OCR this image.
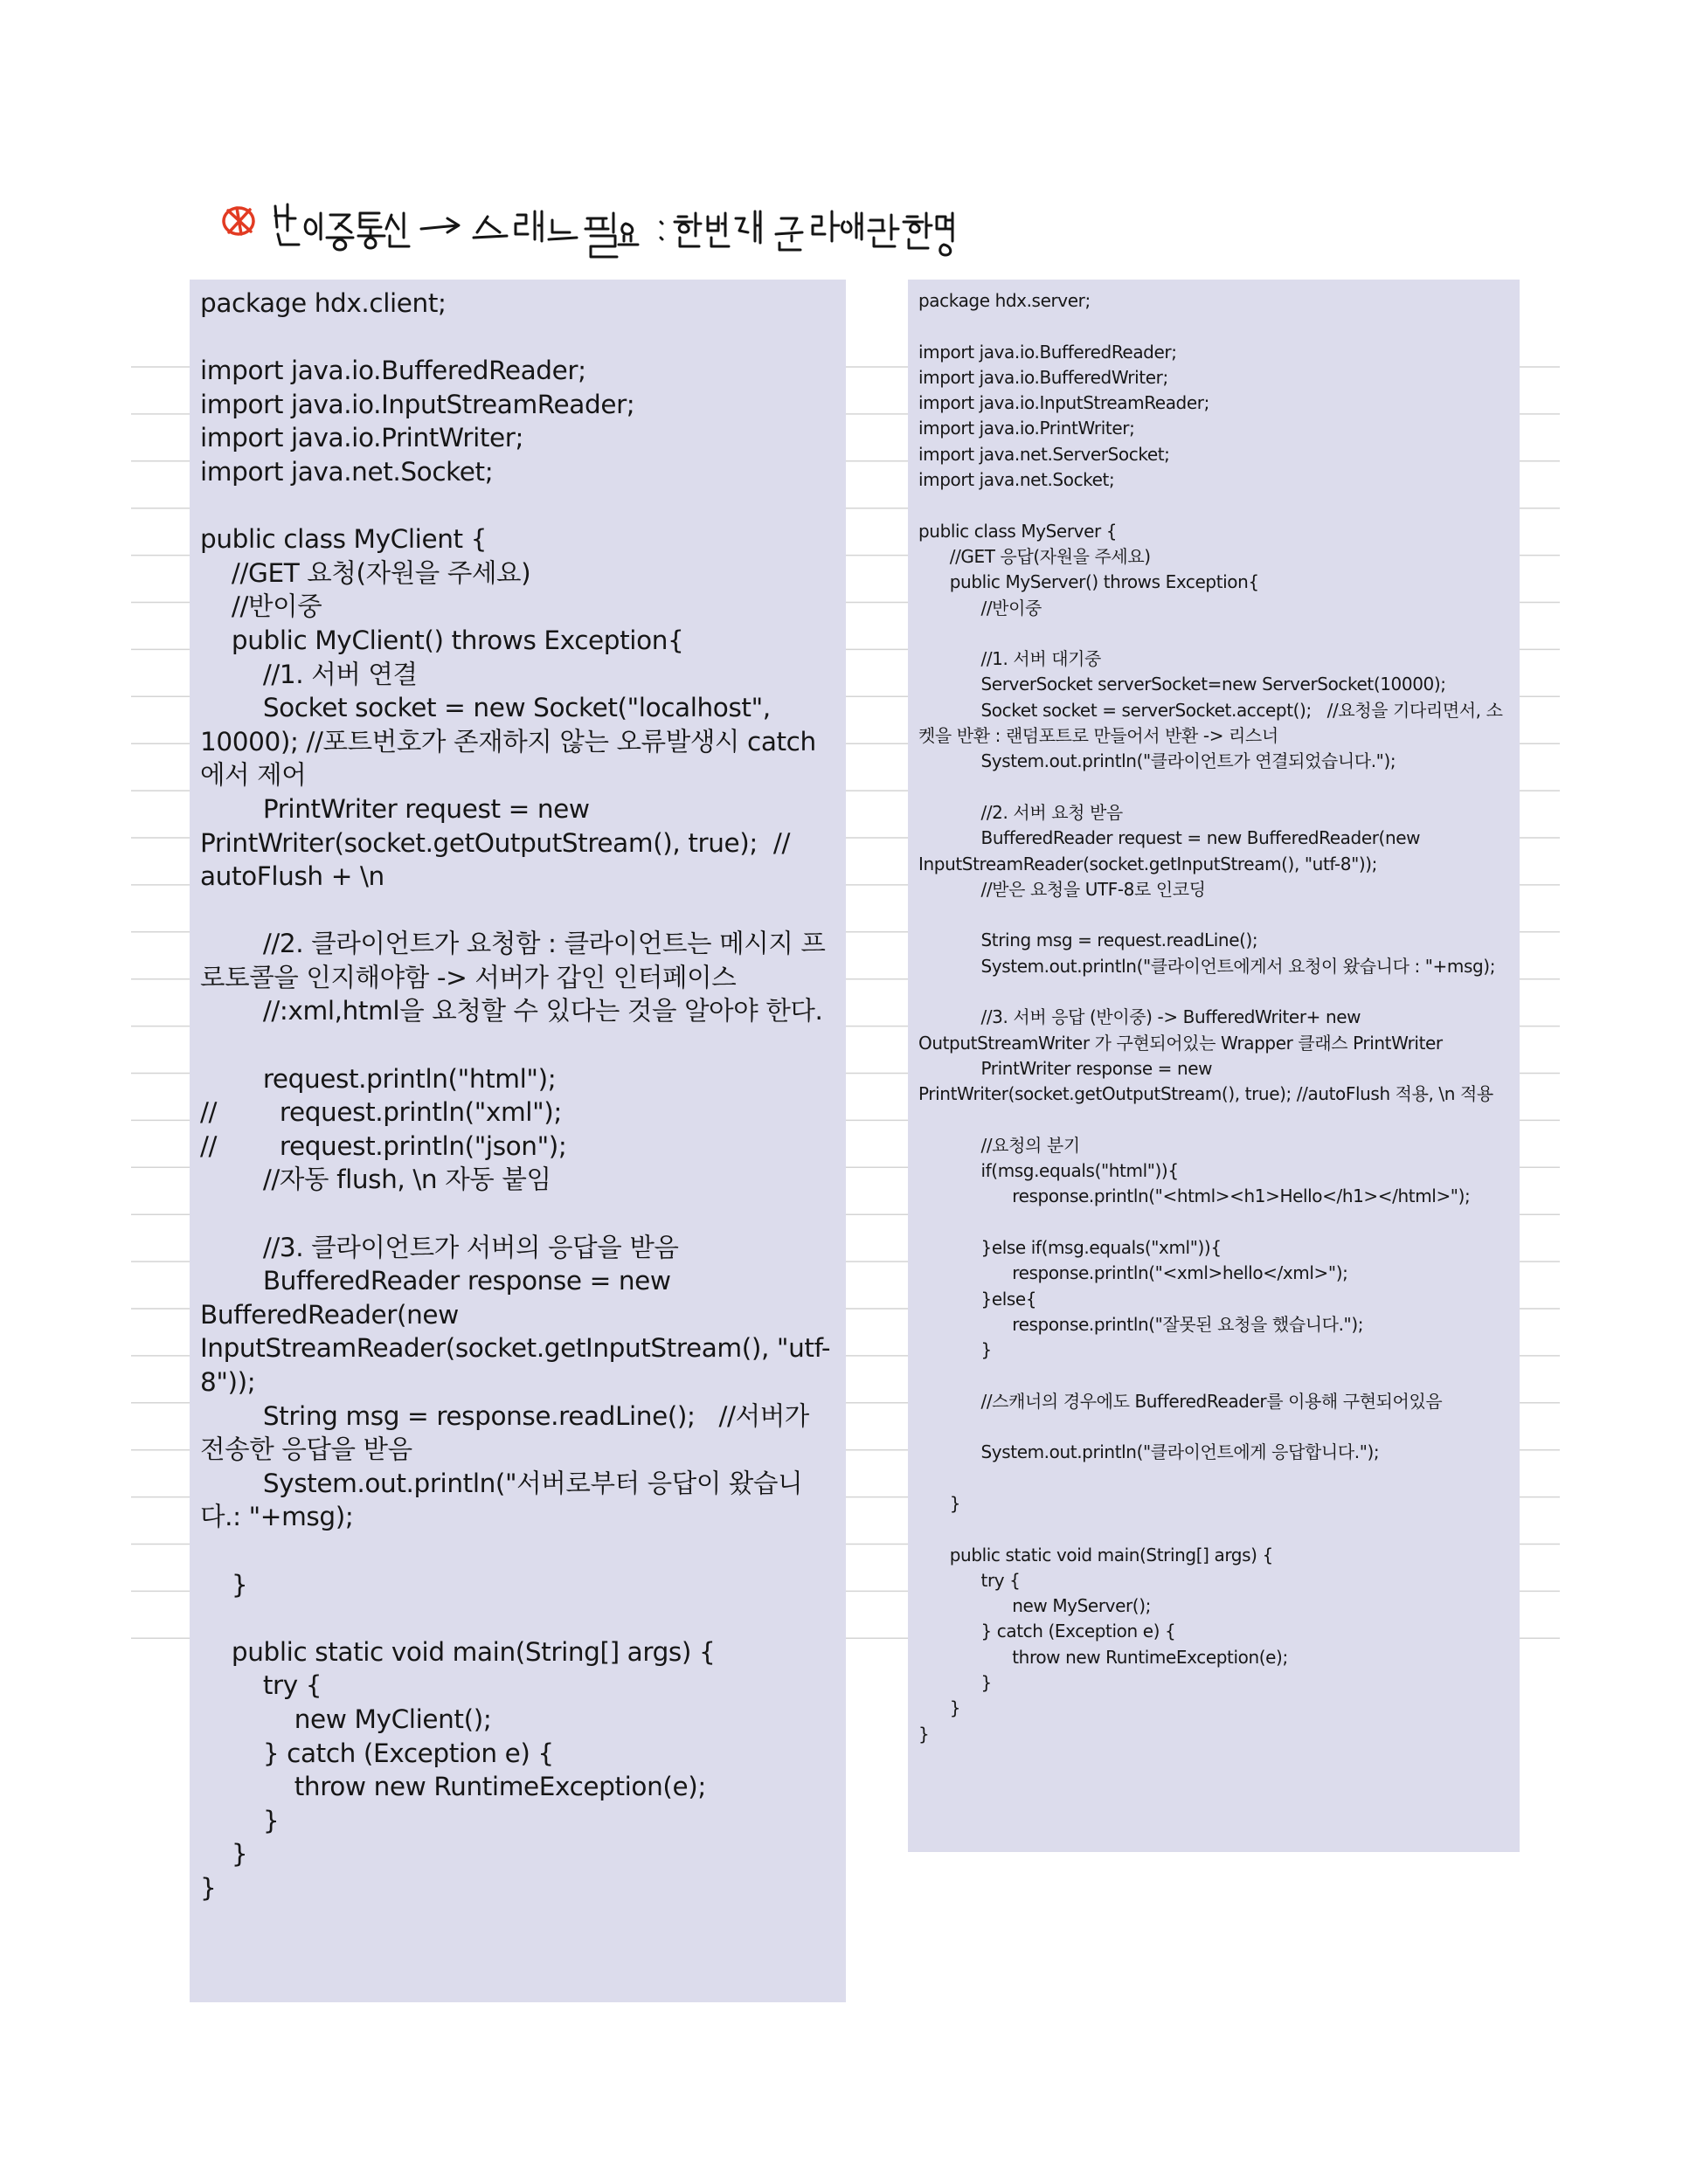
package hdx.client;

import java.io.BufferedReader;
import java.io.InputStreamReader;
import java.io.PrintWriter;
import java.net.Socket;

public class MyClient {
//GET 요청(자원을 주세요)
//반이중
public MyClient() throws Exception{
//1. 서버 연결
Socket socket = new Socket("localhost", 10000); //포트번호가 존재하지 않는 오류발생시 catch에서 제어
PrintWriter request = new PrintWriter(socket.getOutputStream(), true);  // autoFlush + \n

//2. 클라이언트가 요청함 : 클라이언트는 메시지 프로토콜을 인지해야함 -> 서버가 갑인 인터페이스
//:xml,html을 요청할 수 있다는 것을 알아야 한다.

request.println("html");
//        request.println("xml");
//        request.println("json");
//자동 flush, \n 자동 붙임

//3. 클라이언트가 서버의 응답을 받음
BufferedReader response = new BufferedReader(new InputStreamReader(socket.getInputStream(), "utf-8"));
String msg = response.readLine();   //서버가 전송한 응답을 받음
System.out.println("서버로부터 응답이 왔습니다.: "+msg);

}

public static void main(String[] args) {
try {
new MyClient();
} catch (Exception e) {
throw new RuntimeException(e);
}
}
}
package hdx.server;

import java.io.BufferedReader;
import java.io.BufferedWriter;
import java.io.InputStreamReader;
import java.io.PrintWriter;
import java.net.ServerSocket;
import java.net.Socket;

public class MyServer {
//GET 응답(자원을 주세요)
public MyServer() throws Exception{
//반이중

//1. 서버 대기중
ServerSocket serverSocket=new ServerSocket(10000);
Socket socket = serverSocket.accept();   //요청을 기다리면서, 소켓을 반환 : 랜덤포트로 만들어서 반환 -> 리스너
System.out.println("클라이언트가 연결되었습니다.");

//2. 서버 요청 받음
BufferedReader request = new BufferedReader(new InputStreamReader(socket.getInputStream(), "utf-8"));
//받은 요청을 UTF-8로 인코딩

String msg = request.readLine();
System.out.println("클라이언트에게서 요청이 왔습니다 : "+msg);

//3. 서버 응답 (반이중) -> BufferedWriter+ new OutputStreamWriter 가 구현되어있는 Wrapper 클래스 PrintWriter
PrintWriter response = new PrintWriter(socket.getOutputStream(), true); //autoFlush 적용, \n 적용

//요청의 분기
if(msg.equals("html")){
response.println("<html><h1>Hello</h1></html>");

}else if(msg.equals("xml")){
response.println("<xml>hello</xml>");
}else{
response.println("잘못된 요청을 했습니다.");
}

//스캐너의 경우에도 BufferedReader를 이용해 구현되어있음

System.out.println("클라이언트에게 응답합니다.");

}

public static void main(String[] args) {
try {
new MyServer();
} catch (Exception e) {
throw new RuntimeException(e);
}
}
}
